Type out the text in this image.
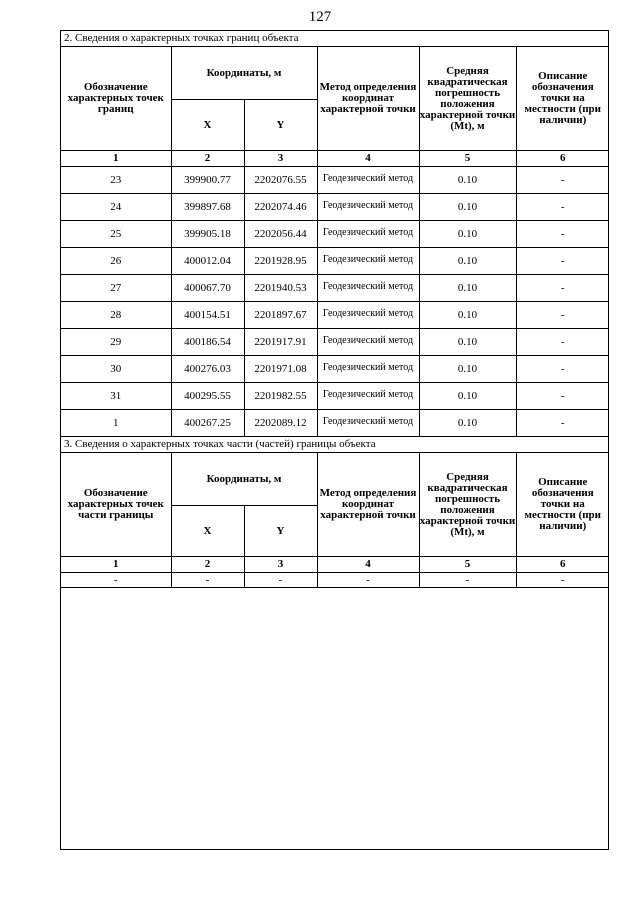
127
2. Сведения о характерных точках границ объекта					
Обозначение характерных точек границ	Координаты, м		Метод определения координат характерной точки	Средняя квадратическая погрешность положения характерной точки (Mt), м	Описание обозначения точки на местности (при наличии)
	X	Y			
1	2	3	4	5	6
23	399900.77	2202076.55	Геодезический метод	0.10	-
24	399897.68	2202074.46	Геодезический метод	0.10	-
25	399905.18	2202056.44	Геодезический метод	0.10	-
26	400012.04	2201928.95	Геодезический метод	0.10	-
27	400067.70	2201940.53	Геодезический метод	0.10	-
28	400154.51	2201897.67	Геодезический метод	0.10	-
29	400186.54	2201917.91	Геодезический метод	0.10	-
30	400276.03	2201971.08	Геодезический метод	0.10	-
31	400295.55	2201982.55	Геодезический метод	0.10	-
1	400267.25	2202089.12	Геодезический метод	0.10	-
3. Сведения о характерных точках части (частей) границы объекта					
Обозначение характерных точек части границы	Координаты, м		Метод определения координат характерной точки	Средняя квадратическая погрешность положения характерной точки (Mt), м	Описание обозначения точки на местности (при наличии)
	X	Y			
1	2	3	4	5	6
-	-	-	-	-	-
